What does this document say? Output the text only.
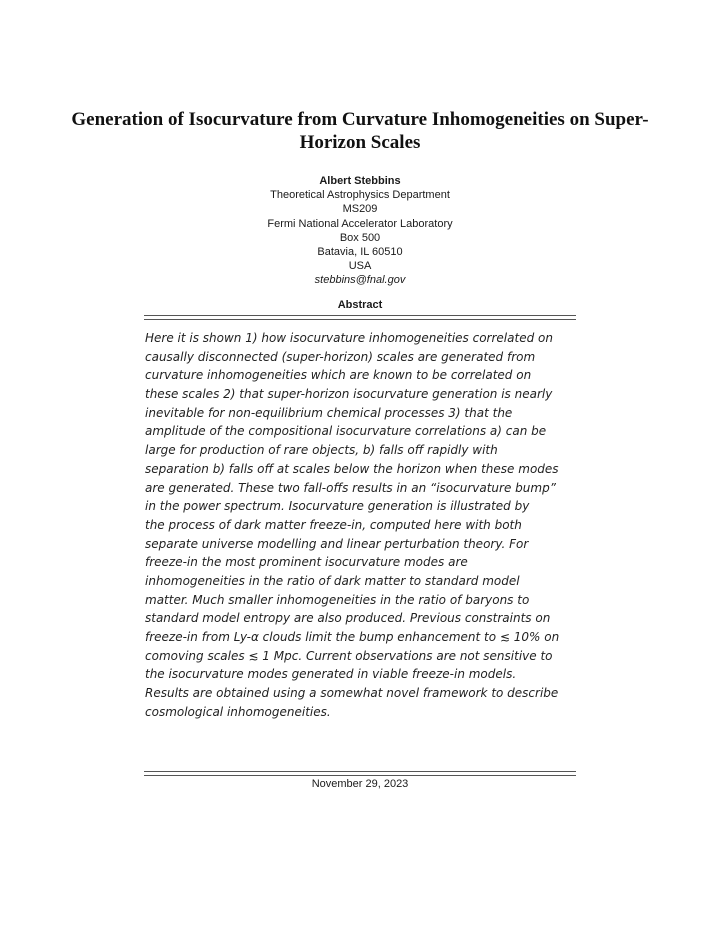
Generation of Isocurvature from Curvature Inhomogeneities on Super-Horizon Scales
Albert Stebbins
Theoretical Astrophysics Department
MS209
Fermi National Accelerator Laboratory
Box 500
Batavia, IL 60510
USA
stebbins@fnal.gov
Abstract
Here it is shown 1) how isocurvature inhomogeneities correlated on
causally disconnected (super-horizon) scales are generated from
curvature inhomogeneities which are known to be correlated on
these scales 2) that super-horizon isocurvature generation is nearly
inevitable for non-equilibrium chemical processes 3) that the
amplitude of the compositional isocurvature correlations a) can be
large for production of rare objects, b) falls off rapidly with
separation b) falls off at scales below the horizon when these modes
are generated. These two fall-offs results in an “isocurvature bump”
in the power spectrum. Isocurvature generation is illustrated by
the process of dark matter freeze-in, computed here with both
separate universe modelling and linear perturbation theory. For
freeze-in the most prominent isocurvature modes are
inhomogeneities in the ratio of dark matter to standard model
matter. Much smaller inhomogeneities in the ratio of baryons to
standard model entropy are also produced. Previous constraints on
freeze-in from Ly-α clouds limit the bump enhancement to ≲ 10% on
comoving scales ≲ 1 Mpc. Current observations are not sensitive to
the isocurvature modes generated in viable freeze-in models.
Results are obtained using a somewhat novel framework to describe
cosmological inhomogeneities.
November 29, 2023
